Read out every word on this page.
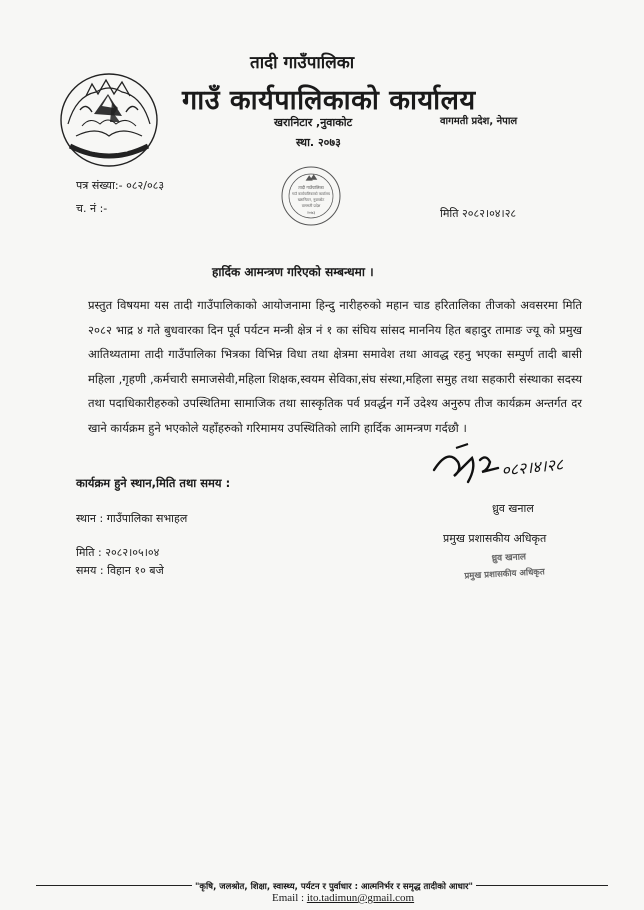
तादी गाउँपालिका नुवाकोट
तादी गाउँपालिका
गाउँ कार्यपालिकाको कार्यालय
खरानिटार ,नुवाकोट
स्था. २०७३
वागमती प्रदेश, नेपाल
तादी गाउँपालिका
गाउँ कार्यपालिकाको कार्यालय
खरानिटार, नुवाकोट
वागमती प्रदेश
२०७३
पत्र संख्या:- ०८२/०८३
च. नं :-	मिति २०८२।०४।२८
हार्दिक आमन्त्रण गरिएको सम्बन्धमा ।
प्रस्तुत विषयमा यस तादी गाउँपालिकाको आयोजनामा हिन्दु नारीहरुको महान चाड हरितालिका तीजको अवसरमा मिति २०८२ भाद्र ४ गते बुधवारका दिन पूर्व पर्यटन मन्त्री क्षेत्र नं १ का संघिय सांसद माननिय हित बहादुर तामाङ ज्यू को प्रमुख आतिथ्यतामा तादी गाउँपालिका भित्रका विभिन्न विधा तथा क्षेत्रमा समावेश तथा आवद्ध रहनु भएका सम्पुर्ण तादी बासी महिला ,गृहणी ,कर्मचारी समाजसेवी,महिला शिक्षक,स्वयम सेविका,संघ संस्था,महिला समुह तथा सहकारी संस्थाका सदस्य तथा पदाधिकारीहरुको उपस्थितिमा सामाजिक तथा सास्कृतिक पर्व प्रवर्द्धन गर्ने उदेश्य अनुरुप तीज कार्यक्रम अन्तर्गत दर खाने कार्यक्रम हुने भएकोले यहाँहरुको गरिमामय उपस्थितिको लागि हार्दिक आमन्त्रण गर्दछौ ।
कार्यक्रम हुने स्थान,मिति तथा समय :
स्थान : गाउँपालिका सभाहल
मिति : २०८२।०५।०४
समय : विहान १० बजे
०८२।४।२८
ध्रुव खनाल
प्रमुख प्रशासकीय अधिकृत
ध्रुव खनाल
प्रमुख प्रशासकीय अधिकृत
"कृषि, जलश्रोत, शिक्षा, स्वास्थ्य, पर्यटन र पुर्वाधार : आत्मनिर्भर र समृद्ध तादीको आधार"
Email : ito.tadimun@gmail.com
